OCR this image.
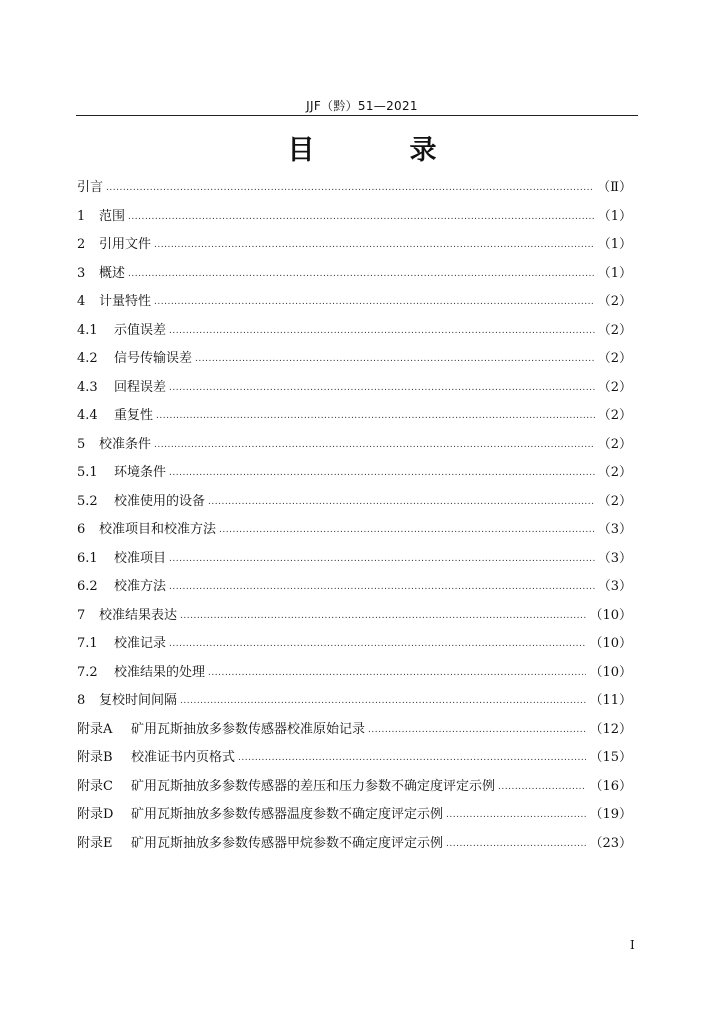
JJF（黔）51—2021
目　录
引言 .....	（Ⅱ）
1	范围 .....	（1）
2	引用文件 .....	（1）
3	概述 .....	（1）
4	计量特性 .....	（2）
4.1	示值误差 .....	（2）
4.2	信号传输误差 .....	（2）
4.3	回程误差 .....	（2）
4.4	重复性 .....	（2）
5	校准条件 .....	（2）
5.1	环境条件 .....	（2）
5.2	校准使用的设备 .....	（2）
6	校准项目和校准方法 .....	（3）
6.1	校准项目 .....	（3）
6.2	校准方法 .....	（3）
7	校准结果表达 .....	（10）
7.1	校准记录 .....	（10）
7.2	校准结果的处理 .....	（10）
8	复校时间间隔 .....	（11）
附录A	矿用瓦斯抽放多参数传感器校准原始记录 .....	（12）
附录B	校准证书内页格式 .....	（15）
附录C	矿用瓦斯抽放多参数传感器的差压和压力参数不确定度评定示例 .....	（16）
附录D	矿用瓦斯抽放多参数传感器温度参数不确定度评定示例 .....	（19）
附录E	矿用瓦斯抽放多参数传感器甲烷参数不确定度评定示例 .....	（23）
I
